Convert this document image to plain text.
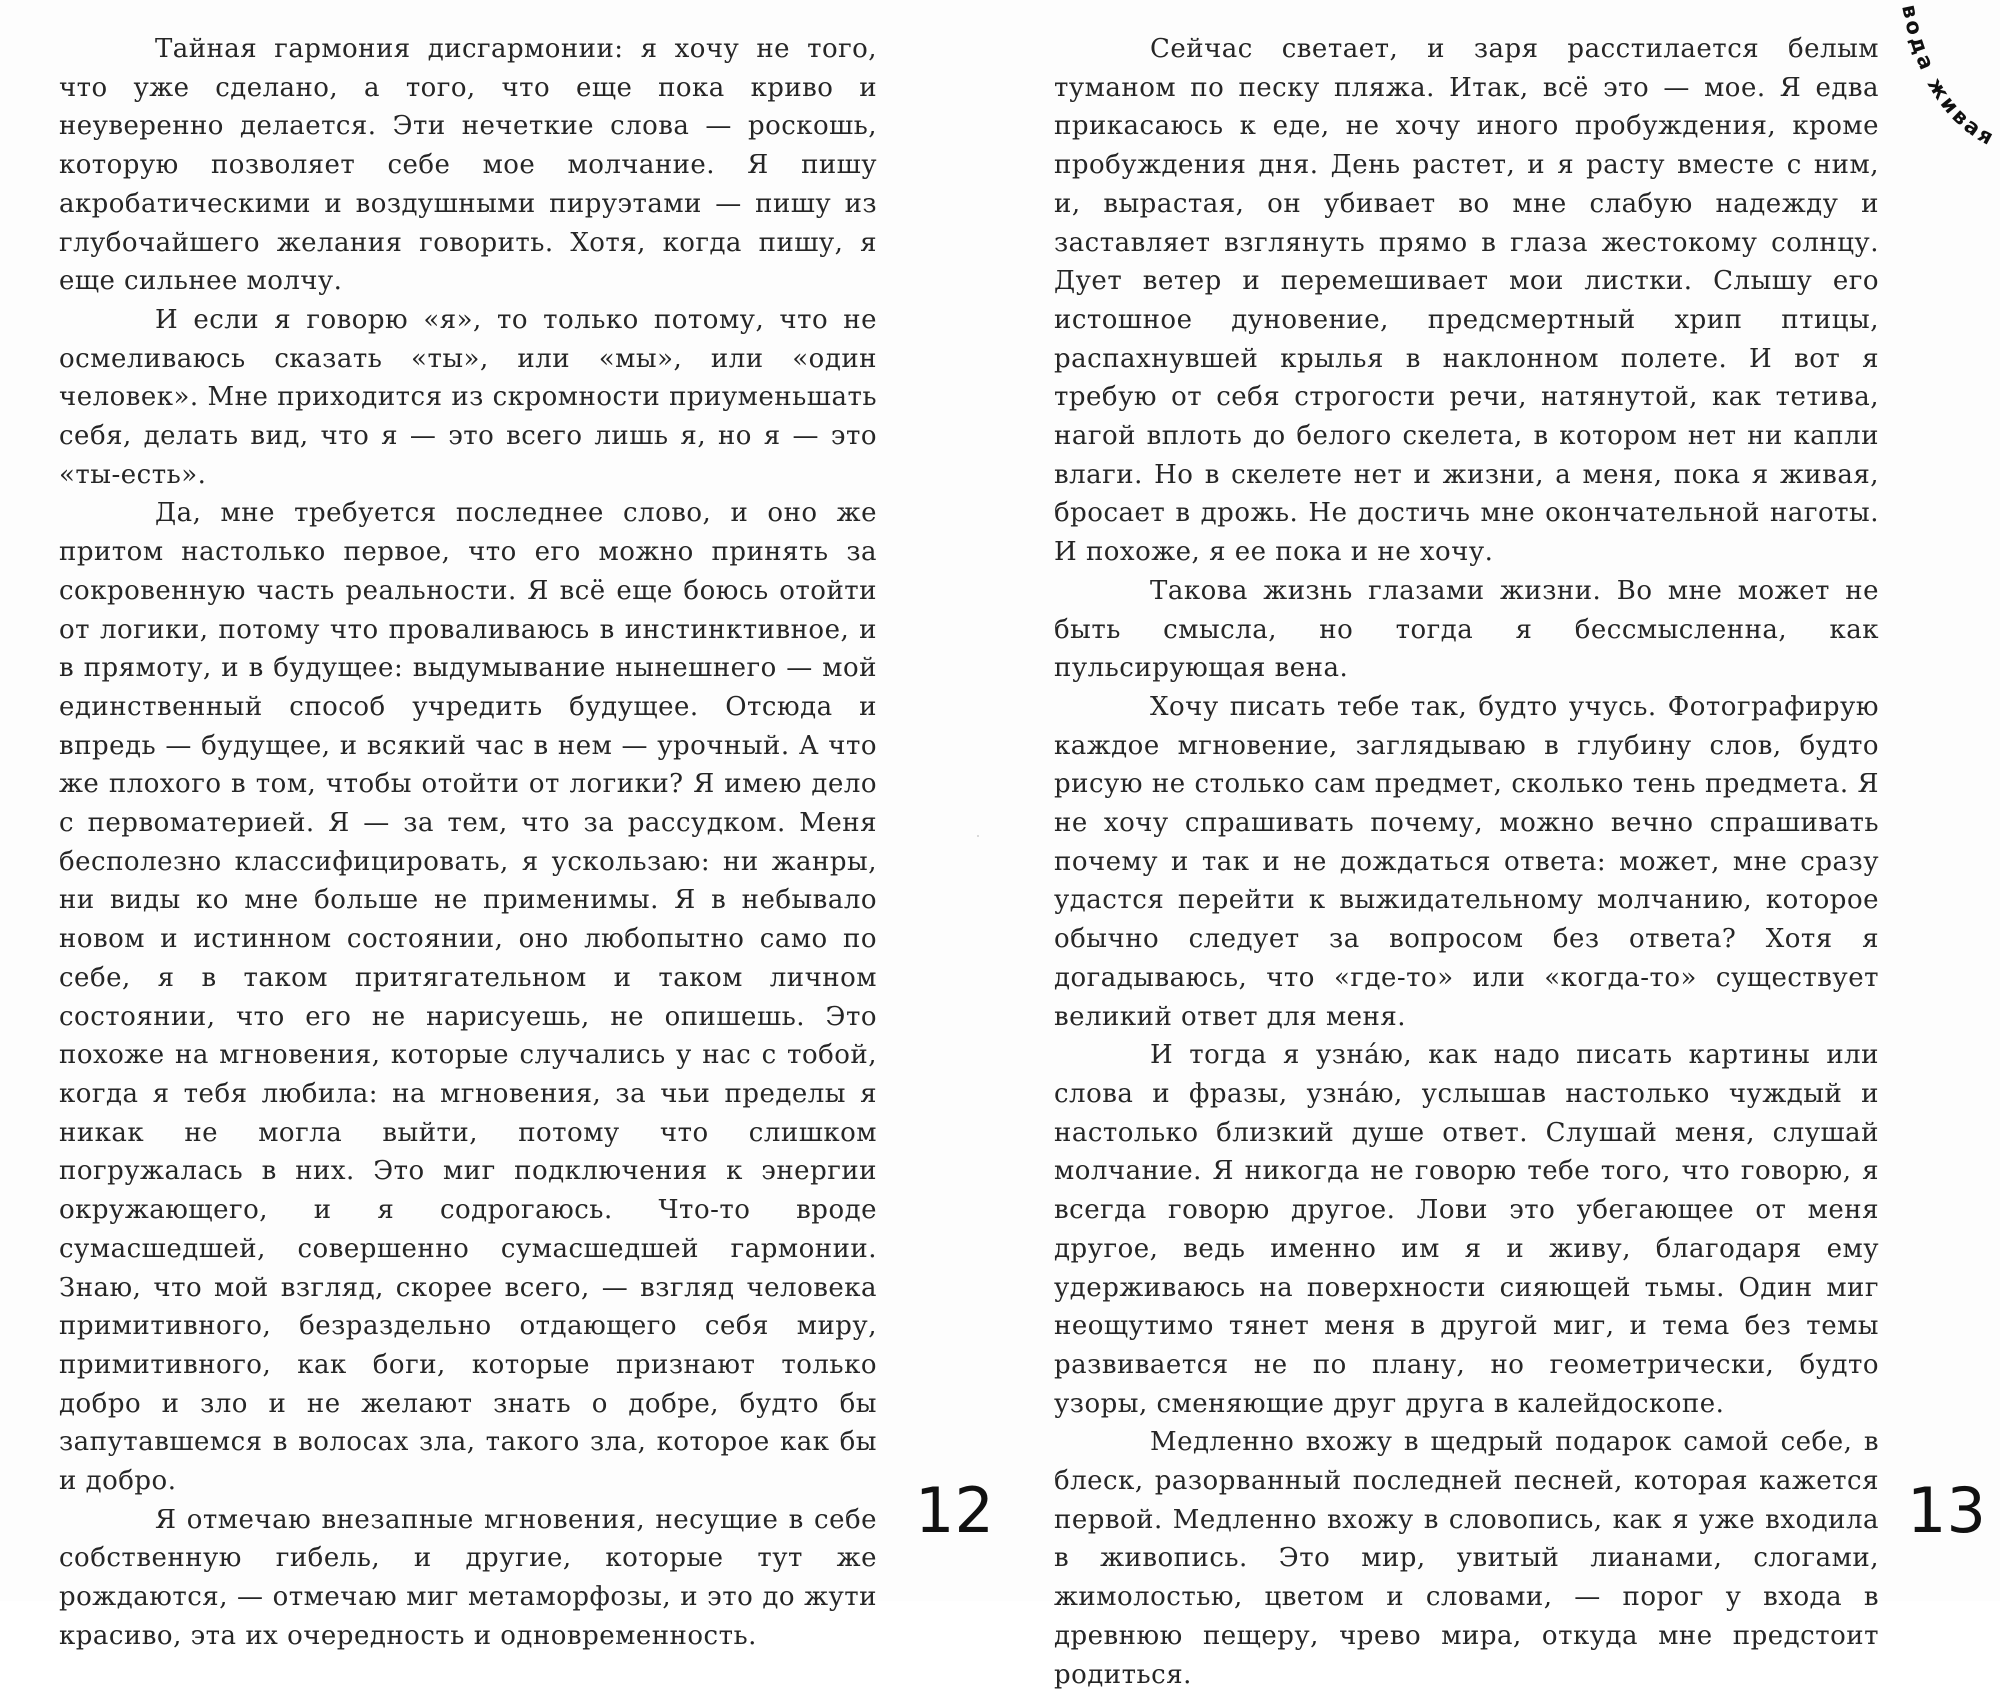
Тайная гармония дисгармонии: я хочу не того, что уже сделано, а того, что еще пока криво и неуверенно делается. Эти нечеткие слова — роскошь, которую позволяет себе мое молчание. Я пишу акробатическими и воздушными пируэтами — пишу из глубочайшего желания говорить. Хотя, когда пишу, я еще сильнее молчу.

И если я говорю «я», то только потому, что не осмеливаюсь сказать «ты», или «мы», или «один человек». Мне приходится из скромности приуменьшать себя, делать вид, что я — это всего лишь я, но я — это «ты-есть».

Да, мне требуется последнее слово, и оно же притом настолько первое, что его можно принять за сокровенную часть реальности. Я всё еще боюсь отойти от логики, потому что проваливаюсь в инстинктивное, и в прямоту, и в будущее: выдумывание нынешнего — мой единственный способ учредить будущее. Отсюда и впредь — будущее, и всякий час в нем — урочный. А что же плохого в том, чтобы отойти от логики? Я имею дело с первоматерией. Я — за тем, что за рассудком. Меня бесполезно классифицировать, я ускользаю: ни жанры, ни виды ко мне больше не применимы. Я в небывало новом и истинном состоянии, оно любопытно само по себе, я в таком притягательном и таком личном состоянии, что его не нарисуешь, не опишешь. Это похоже на мгновения, которые случались у нас с тобой, когда я тебя любила: на мгновения, за чьи пределы я никак не могла выйти, потому что слишком погружалась в них. Это миг подключения к энергии окружающего, и я содрогаюсь. Что-то вроде сумасшедшей, совершенно сумасшедшей гармонии. Знаю, что мой взгляд, скорее всего, — взгляд человека примитивного, безраздельно отдающего себя миру, примитивного, как боги, которые признают только добро и зло и не желают знать о добре, будто бы запутавшемся в волосах зла, такого зла, которое как бы и добро.

Я отмечаю внезапные мгновения, несущие в себе собственную гибель, и другие, которые тут же рождаются, — отмечаю миг метаморфозы, и это до жути красиво, эта их очередность и одновременность.

12

Сейчас светает, и заря расстилается белым туманом по песку пляжа. Итак, всё это — мое. Я едва прикасаюсь к еде, не хочу иного пробуждения, кроме пробуждения дня. День растет, и я расту вместе с ним, и, вырастая, он убивает во мне слабую надежду и заставляет взглянуть прямо в глаза жестокому солнцу. Дует ветер и перемешивает мои листки. Слышу его истошное дуновение, предсмертный хрип птицы, распахнувшей крылья в наклонном полете. И вот я требую от себя строгости речи, натянутой, как тетива, нагой вплоть до белого скелета, в котором нет ни капли влаги. Но в скелете нет и жизни, а меня, пока я живая, бросает в дрожь. Не достичь мне окончательной наготы. И похоже, я ее пока и не хочу.

Такова жизнь глазами жизни. Во мне может не быть смысла, но тогда я бессмысленна, как пульсирующая вена.

Хочу писать тебе так, будто учусь. Фотографирую каждое мгновение, заглядываю в глубину слов, будто рисую не столько сам предмет, сколько тень предмета. Я не хочу спрашивать почему, можно вечно спрашивать почему и так и не дождаться ответа: может, мне сразу удастся перейти к выжидательному молчанию, которое обычно следует за вопросом без ответа? Хотя я догадываюсь, что «где-то» или «когда-то» существует великий ответ для меня.

И тогда я узна́ю, как надо писать картины или слова и фразы, узна́ю, услышав настолько чуждый и настолько близкий душе ответ. Слушай меня, слушай молчание. Я никогда не говорю тебе того, что говорю, я всегда говорю другое. Лови это убегающее от меня другое, ведь именно им я и живу, благодаря ему удерживаюсь на поверхности сияющей тьмы. Один миг неощутимо тянет меня в другой миг, и тема без темы развивается не по плану, но геометрически, будто узоры, сменяющие друг друга в калейдоскопе.

Медленно вхожу в щедрый подарок самой себе, в блеск, разорванный последней песней, которая кажется первой. Медленно вхожу в словопись, как я уже входила в живопись. Это мир, увитый лианами, слогами, жимолостью, цветом и словами, — порог у входа в древнюю пещеру, чрево мира, откуда мне предстоит родиться.

13
вода живая
